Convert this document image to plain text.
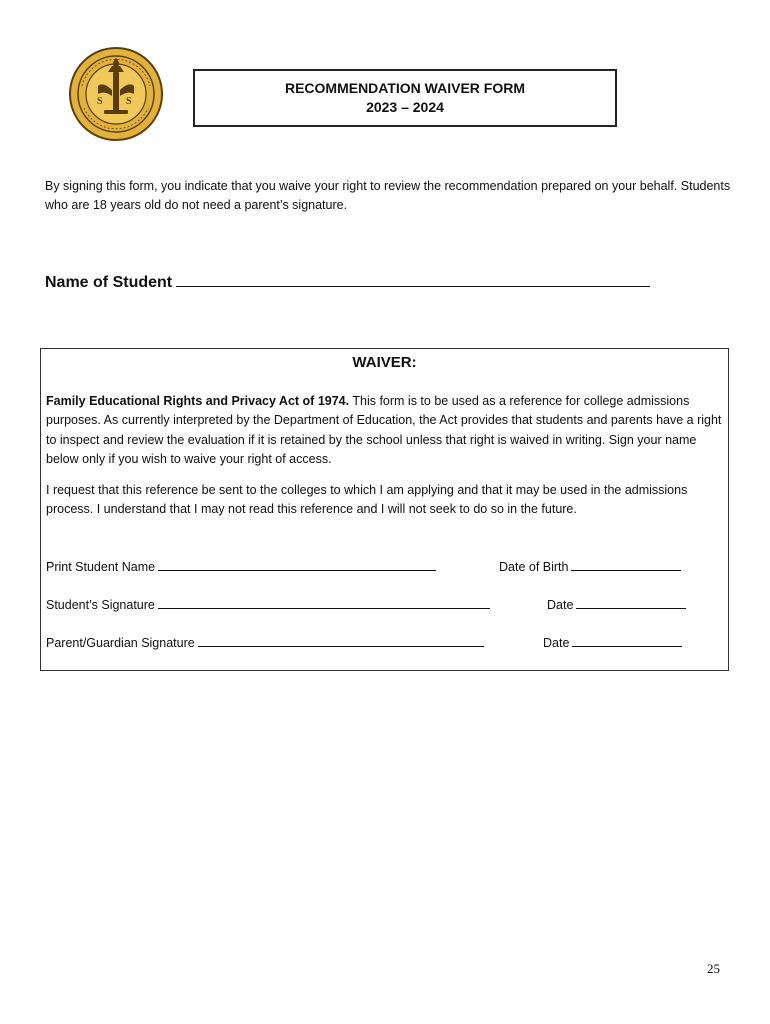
S S
RECOMMENDATION WAIVER FORM
2023 – 2024
By signing this form, you indicate that you waive your right to review the recommendation prepared on your behalf. Students who are 18 years old do not need a parent’s signature.
Name of Student
WAIVER:
Family Educational Rights and Privacy Act of 1974. This form is to be used as a reference for college admissions purposes. As currently interpreted by the Department of Education, the Act provides that students and parents have a right to inspect and review the evaluation if it is retained by the school unless that right is waived in writing. Sign your name below only if you wish to waive your right of access.
I request that this reference be sent to the colleges to which I am applying and that it may be used in the admissions process. I understand that I may not read this reference and I will not seek to do so in the future.
Print Student Name	Date of Birth
Student’s Signature	Date
Parent/Guardian Signature	Date
25
